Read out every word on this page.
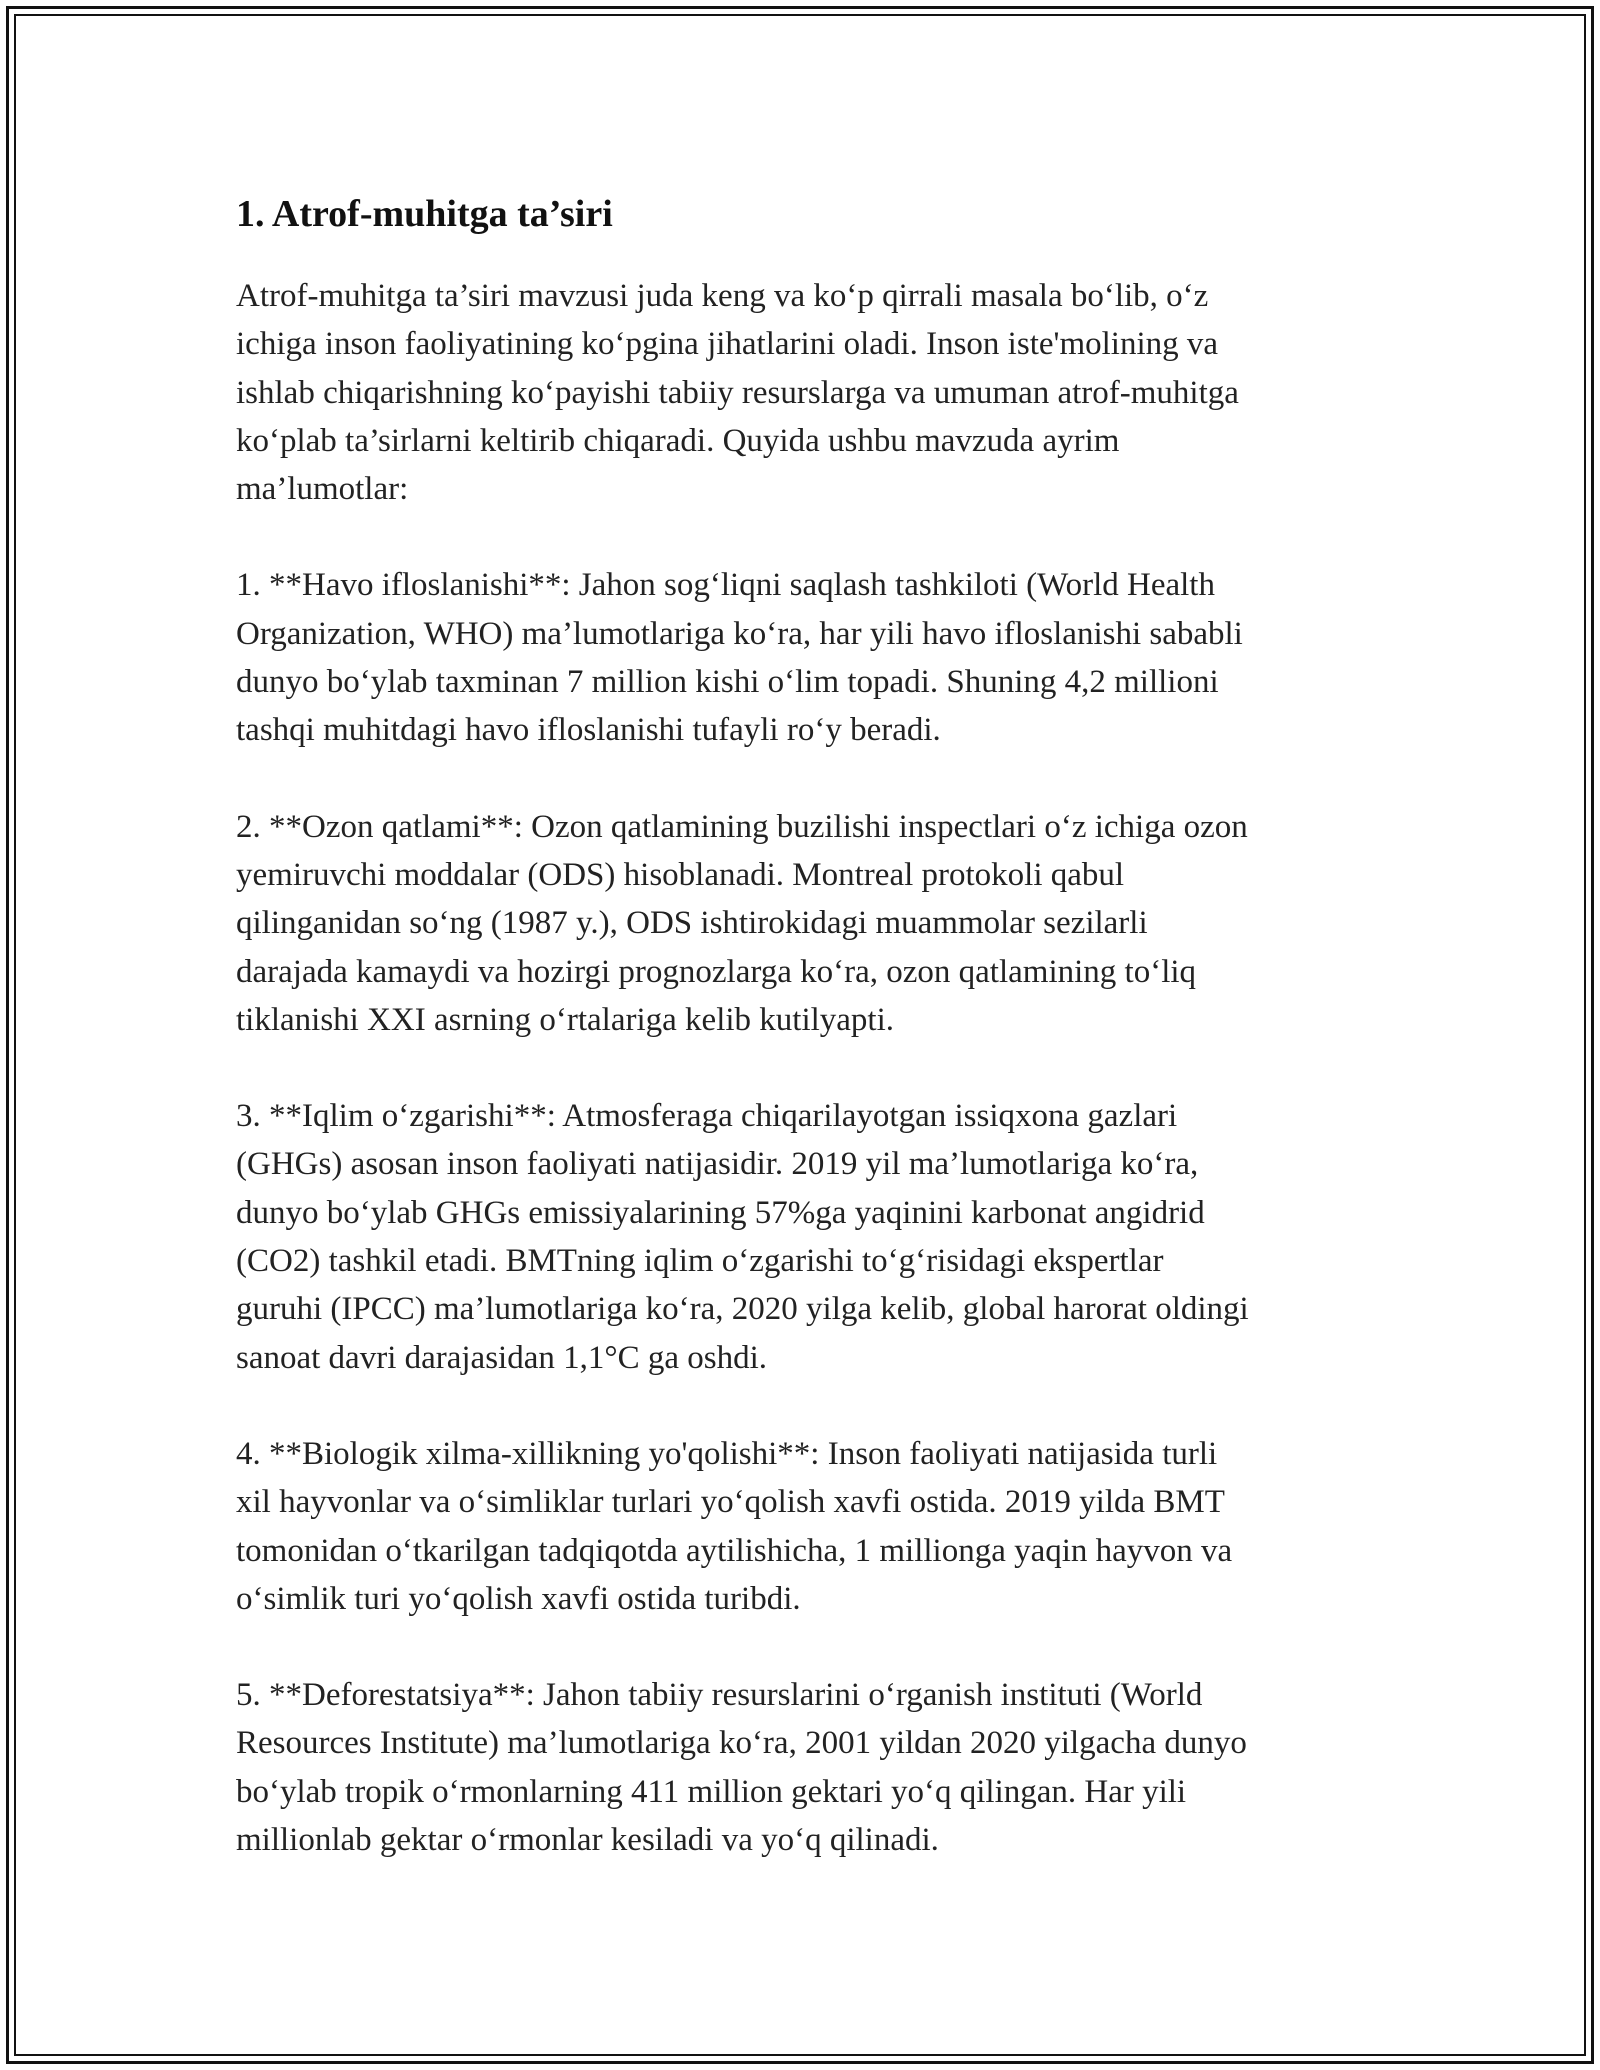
1. Atrof-muhitga ta’siri

Atrof-muhitga ta’siri mavzusi juda keng va ko‘p qirrali masala bo‘lib, o‘z
ichiga inson faoliyatining ko‘pgina jihatlarini oladi. Inson iste'molining va
ishlab chiqarishning ko‘payishi tabiiy resurslarga va umuman atrof-muhitga
ko‘plab ta’sirlarni keltirib chiqaradi. Quyida ushbu mavzuda ayrim
ma’lumotlar:

1. **Havo ifloslanishi**: Jahon sog‘liqni saqlash tashkiloti (World Health
Organization, WHO) ma’lumotlariga ko‘ra, har yili havo ifloslanishi sababli
dunyo bo‘ylab taxminan 7 million kishi o‘lim topadi. Shuning 4,2 millioni
tashqi muhitdagi havo ifloslanishi tufayli ro‘y beradi.

2. **Ozon qatlami**: Ozon qatlamining buzilishi inspectlari o‘z ichiga ozon
yemiruvchi moddalar (ODS) hisoblanadi. Montreal protokoli qabul
qilinganidan so‘ng (1987 y.), ODS ishtirokidagi muammolar sezilarli
darajada kamaydi va hozirgi prognozlarga ko‘ra, ozon qatlamining to‘liq
tiklanishi XXI asrning o‘rtalariga kelib kutilyapti.

3. **Iqlim o‘zgarishi**: Atmosferaga chiqarilayotgan issiqxona gazlari
(GHGs) asosan inson faoliyati natijasidir. 2019 yil ma’lumotlariga ko‘ra,
dunyo bo‘ylab GHGs emissiyalarining 57%ga yaqinini karbonat angidrid
(CO2) tashkil etadi. BMTning iqlim o‘zgarishi to‘g‘risidagi ekspertlar
guruhi (IPCC) ma’lumotlariga ko‘ra, 2020 yilga kelib, global harorat oldingi
sanoat davri darajasidan 1,1°C ga oshdi.

4. **Biologik xilma-xillikning yo'qolishi**: Inson faoliyati natijasida turli
xil hayvonlar va o‘simliklar turlari yo‘qolish xavfi ostida. 2019 yilda BMT
tomonidan o‘tkarilgan tadqiqotda aytilishicha, 1 millionga yaqin hayvon va
o‘simlik turi yo‘qolish xavfi ostida turibdi.

5. **Deforestatsiya**: Jahon tabiiy resurslarini o‘rganish instituti (World
Resources Institute) ma’lumotlariga ko‘ra, 2001 yildan 2020 yilgacha dunyo
bo‘ylab tropik o‘rmonlarning 411 million gektari yo‘q qilingan. Har yili
millionlab gektar o‘rmonlar kesiladi va yo‘q qilinadi.
